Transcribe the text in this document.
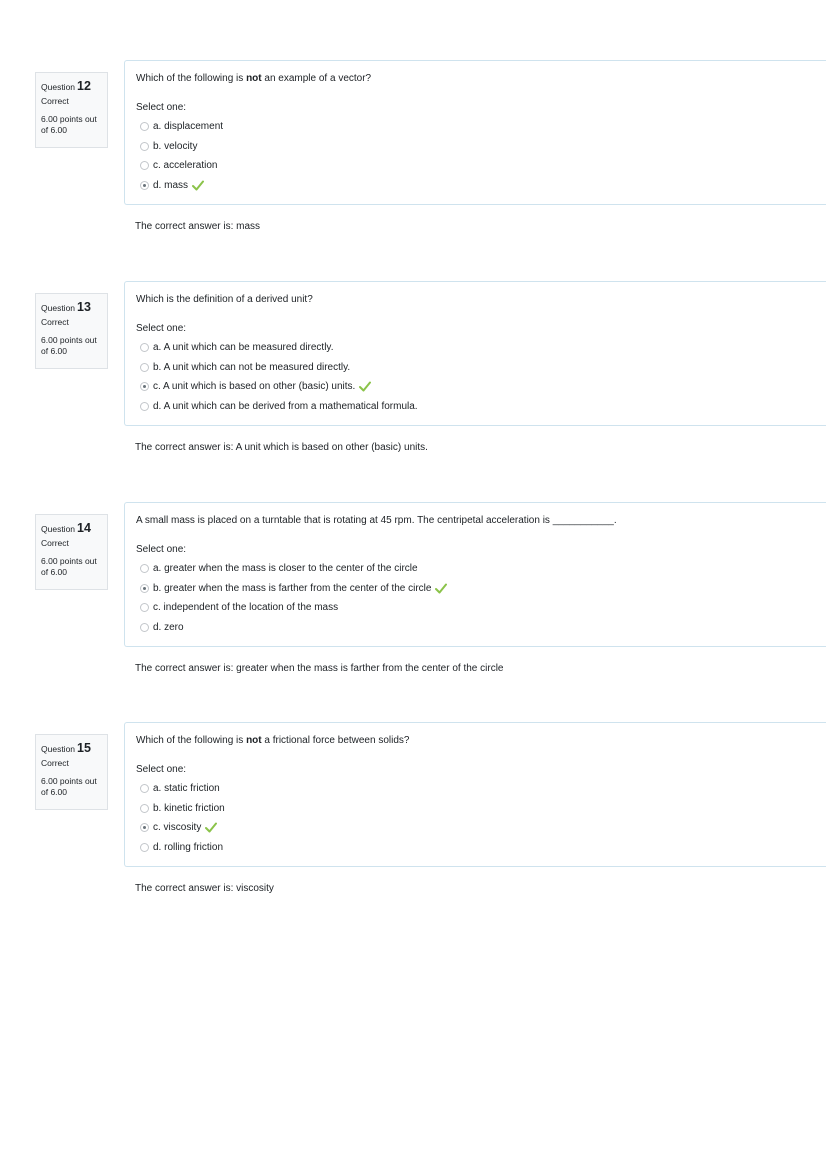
Question 12
Correct
6.00 points out of 6.00
Which of the following is not an example of a vector?
Select one:
a. displacement
b. velocity
c. acceleration
d. mass
The correct answer is: mass
Question 13
Correct
6.00 points out of 6.00
Which is the definition of a derived unit?
Select one:
a. A unit which can be measured directly.
b. A unit which can not be measured directly.
c. A unit which is based on other (basic) units.
d. A unit which can be derived from a mathematical formula.
The correct answer is: A unit which is based on other (basic) units.
Question 14
Correct
6.00 points out of 6.00
A small mass is placed on a turntable that is rotating at 45 rpm. The centripetal acceleration is ___________.
Select one:
a. greater when the mass is closer to the center of the circle
b. greater when the mass is farther from the center of the circle
c. independent of the location of the mass
d. zero
The correct answer is: greater when the mass is farther from the center of the circle
Question 15
Correct
6.00 points out of 6.00
Which of the following is not a frictional force between solids?
Select one:
a. static friction
b. kinetic friction
c. viscosity
d. rolling friction
The correct answer is: viscosity
